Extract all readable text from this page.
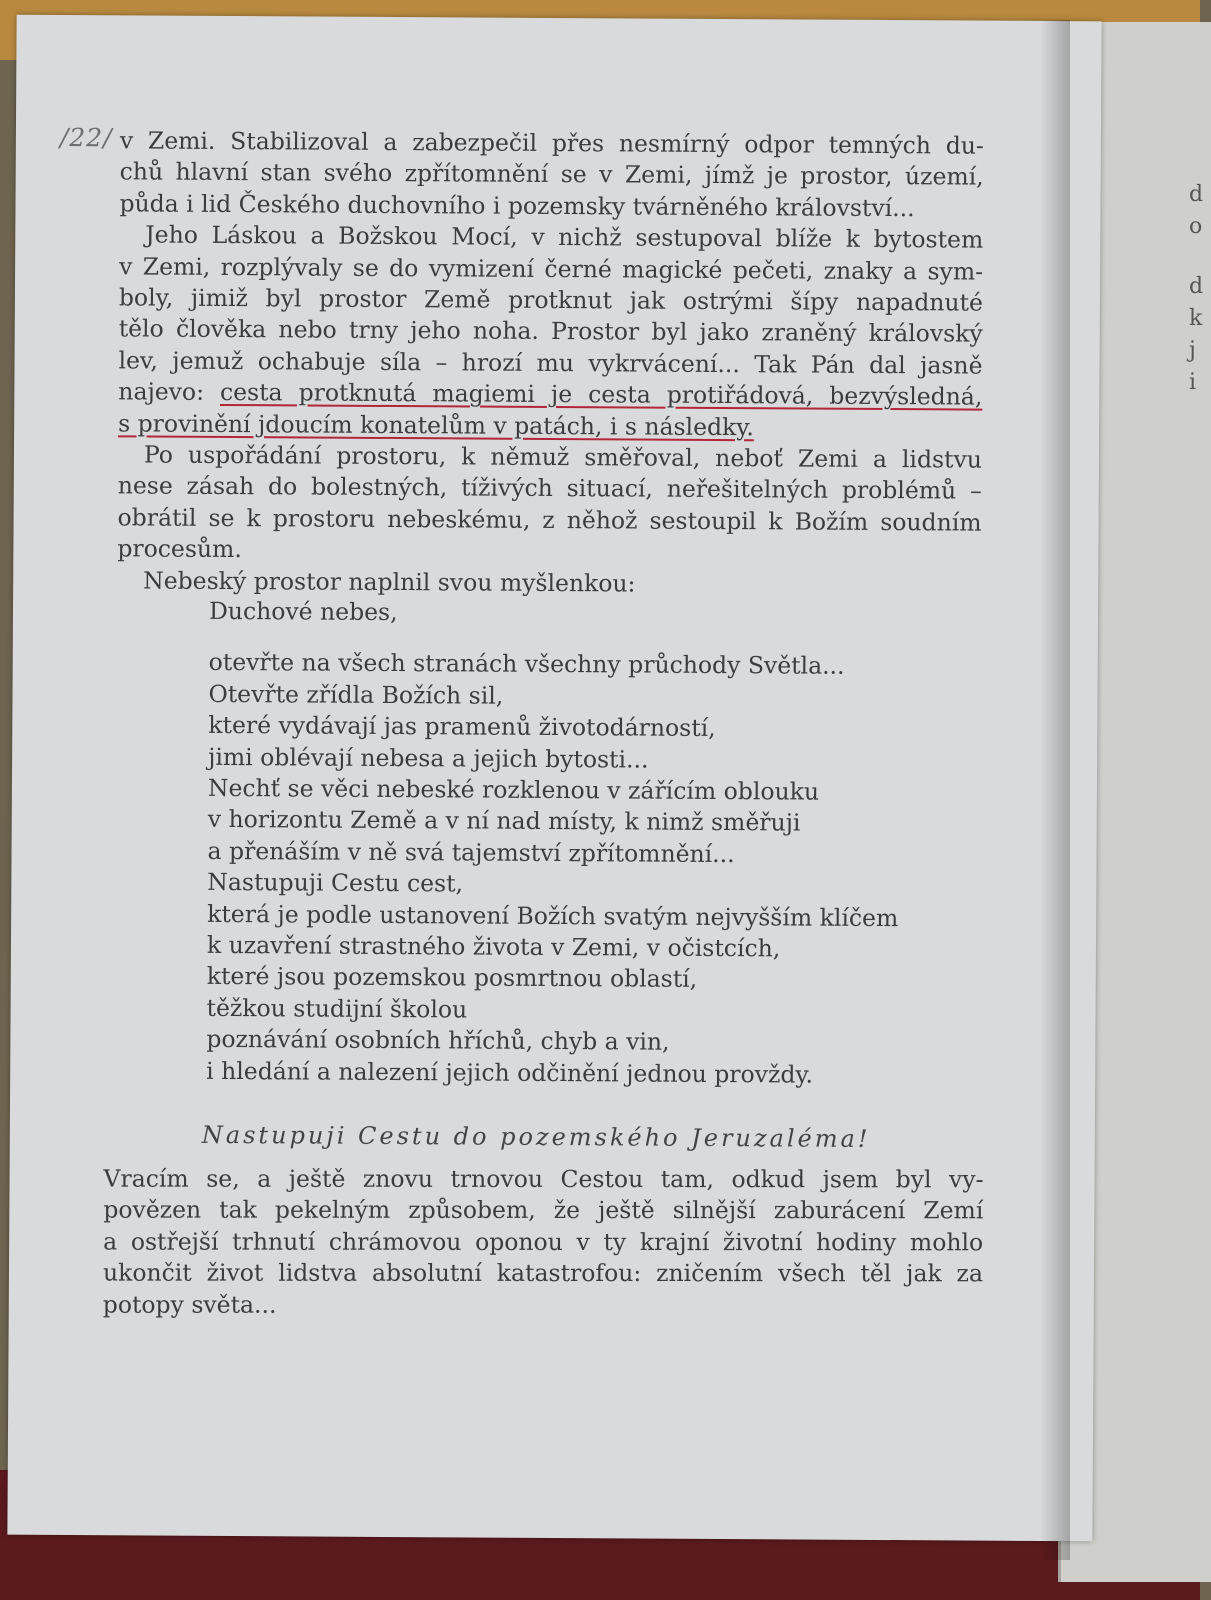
d
o
d
k
j
i
/22/ v Zemi. Stabilizoval a zabezpečil přes nesmírný odpor temných du-
chů hlavní stan svého zpřítomnění se v Zemi, jímž je prostor, území,
půda i lid Českého duchovního i pozemsky tvárněného království...
Jeho Láskou a Božskou Mocí, v nichž sestupoval blíže k bytostem
v Zemi, rozplývaly se do vymizení černé magické pečeti, znaky a sym-
boly, jimiž byl prostor Země protknut jak ostrými šípy napadnuté
tělo člověka nebo trny jeho noha. Prostor byl jako zraněný královský
lev, jemuž ochabuje síla – hrozí mu vykrvácení... Tak Pán dal jasně
najevo: cesta protknutá magiemi je cesta protiřádová, bezvýsledná,
s provinění jdoucím konatelům v patách, i s následky.
Po uspořádání prostoru, k němuž směřoval, neboť Zemi a lidstvu
nese zásah do bolestných, tíživých situací, neřešitelných problémů –
obrátil se k prostoru nebeskému, z něhož sestoupil k Božím soudním
procesům.
Nebeský prostor naplnil svou myšlenkou:
Duchové nebes,
otevřte na všech stranách všechny průchody Světla...
Otevřte zřídla Božích sil,
které vydávají jas pramenů životodárností,
jimi oblévají nebesa a jejich bytosti...
Nechť se věci nebeské rozklenou v zářícím oblouku
v horizontu Země a v ní nad místy, k nimž směřuji
a přenáším v ně svá tajemství zpřítomnění...
Nastupuji Cestu cest,
která je podle ustanovení Božích svatým nejvyšším klíčem
k uzavření strastného života v Zemi, v očistcích,
které jsou pozemskou posmrtnou oblastí,
těžkou studijní školou
poznávání osobních hříchů, chyb a vin,
i hledání a nalezení jejich odčinění jednou provždy.
Nastupuji Cestu do pozemského Jeruzaléma!
Vracím se, a ještě znovu trnovou Cestou tam, odkud jsem byl vy-
povězen tak pekelným způsobem, že ještě silnější zaburácení Zemí
a ostřejší trhnutí chrámovou oponou v ty krajní životní hodiny mohlo
ukončit život lidstva absolutní katastrofou: zničením všech těl jak za
potopy světa...
